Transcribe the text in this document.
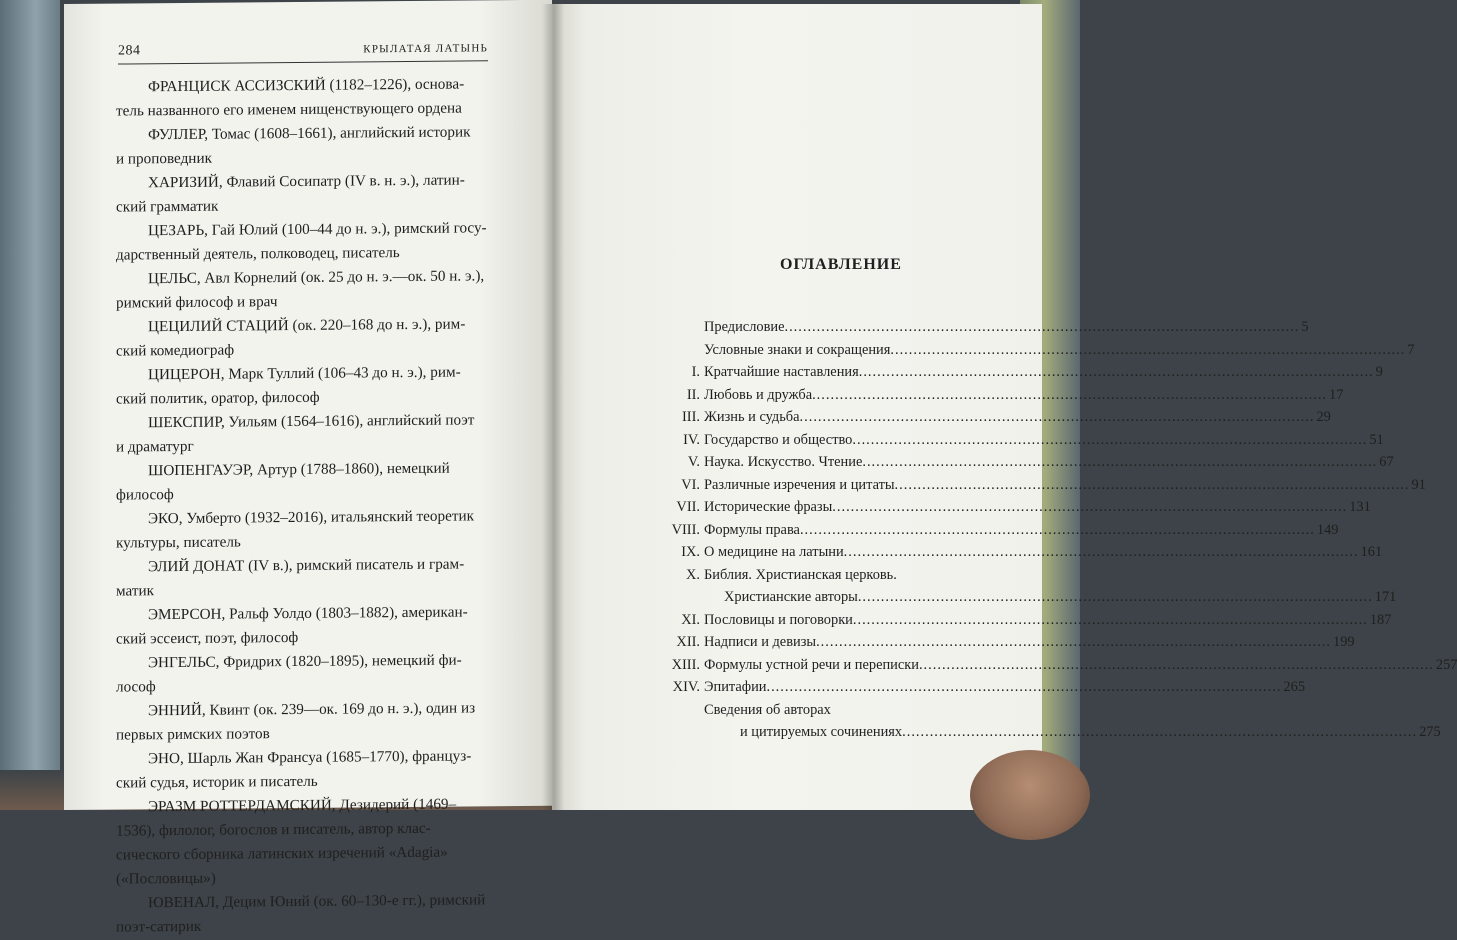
284	КРЫЛАТАЯ ЛАТЫНЬ
ФРАНЦИСК АССИЗСКИЙ (1182–1226), основа-
тель названного его именем нищенствующего ордена
ФУЛЛЕР, Томас (1608–1661), английский историк
и проповедник
ХАРИЗИЙ, Флавий Сосипатр (IV в. н. э.), латин-
ский грамматик
ЦЕЗАРЬ, Гай Юлий (100–44 до н. э.), римский госу-
дарственный деятель, полководец, писатель
ЦЕЛЬС, Авл Корнелий (ок. 25 до н. э.—ок. 50 н. э.),
римский философ и врач
ЦЕЦИЛИЙ СТАЦИЙ (ок. 220–168 до н. э.), рим-
ский комедиограф
ЦИЦЕРОН, Марк Туллий (106–43 до н. э.), рим-
ский политик, оратор, философ
ШЕКСПИР, Уильям (1564–1616), английский поэт
и драматург
ШОПЕНГАУЭР, Артур (1788–1860), немецкий
философ
ЭКО, Умберто (1932–2016), итальянский теоретик
культуры, писатель
ЭЛИЙ ДОНАТ (IV в.), римский писатель и грам-
матик
ЭМЕРСОН, Ральф Уолдо (1803–1882), американ-
ский эссеист, поэт, философ
ЭНГЕЛЬС, Фридрих (1820–1895), немецкий фи-
лософ
ЭННИЙ, Квинт (ок. 239—ок. 169 до н. э.), один из
первых римских поэтов
ЭНО, Шарль Жан Франсуа (1685–1770), француз-
ский судья, историк и писатель
ЭРАЗМ РОТТЕРДАМСКИЙ, Дезидерий (1469–
1536), филолог, богослов и писатель, автор клас-
сического сборника латинских изречений «Adagia»
(«Пословицы»)
ЮВЕНАЛ, Децим Юний (ок. 60–130-е гг.), римский
поэт-сатирик
ОГЛАВЛЕНИЕ
Предисловие .....	5
Условные знаки и сокращения .....	7
I. Кратчайшие наставления .....	9
II. Любовь и дружба .....	17
III. Жизнь и судьба .....	29
IV. Государство и общество .....	51
V. Наука. Искусство. Чтение .....	67
VI. Различные изречения и цитаты .....	91
VII. Исторические фразы .....	131
VIII. Формулы права .....	149
IX. О медицине на латыни .....	161
X. Библия. Христианская церковь.
Христианские авторы .....	171
XI. Пословицы и поговорки .....	187
XII. Надписи и девизы .....	199
XIII. Формулы устной речи и переписки .....	257
XIV. Эпитафии .....	265
Сведения об авторах
и цитируемых сочинениях .....	275
